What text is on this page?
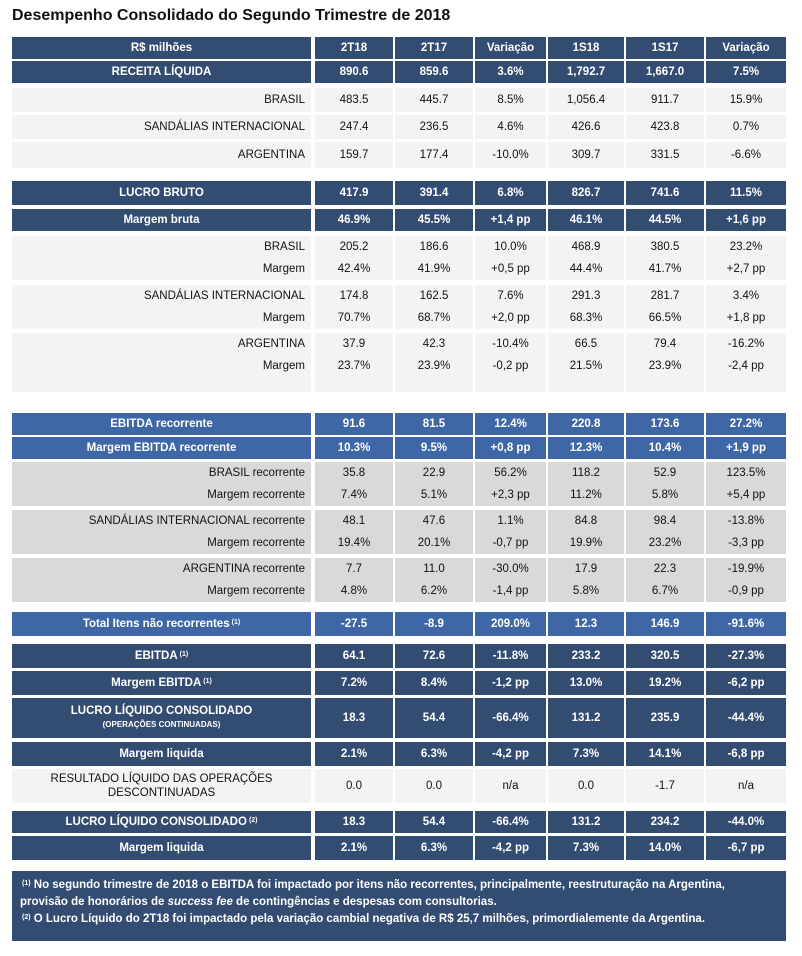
Desempenho Consolidado do Segundo Trimestre de 2018
R$ milhões	2T18	2T17	Variação	1S18	1S17	Variação
RECEITA LÍQUIDA	890.6	859.6	3.6%	1,792.7	1,667.0	7.5%
BRASIL	483.5	445.7	8.5%	1,056.4	911.7	15.9%
SANDÁLIAS INTERNACIONAL	247.4	236.5	4.6%	426.6	423.8	0.7%
ARGENTINA	159.7	177.4	-10.0%	309.7	331.5	-6.6%
LUCRO BRUTO	417.9	391.4	6.8%	826.7	741.6	11.5%
Margem bruta	46.9%	45.5%	+1,4 pp	46.1%	44.5%	+1,6 pp
BRASIL	205.2	186.6	10.0%	468.9	380.5	23.2%
Margem	42.4%	41.9%	+0,5 pp	44.4%	41.7%	+2,7 pp
SANDÁLIAS INTERNACIONAL	174.8	162.5	7.6%	291.3	281.7	3.4%
Margem	70.7%	68.7%	+2,0 pp	68.3%	66.5%	+1,8 pp
ARGENTINA	37.9	42.3	-10.4%	66.5	79.4	-16.2%
Margem	23.7%	23.9%	-0,2 pp	21.5%	23.9%	-2,4 pp
EBITDA recorrente	91.6	81.5	12.4%	220.8	173.6	27.2%
Margem EBITDA recorrente	10.3%	9.5%	+0,8 pp	12.3%	10.4%	+1,9 pp
BRASIL recorrente	35.8	22.9	56.2%	118.2	52.9	123.5%
Margem recorrente	7.4%	5.1%	+2,3 pp	11.2%	5.8%	+5,4 pp
SANDÁLIAS INTERNACIONAL recorrente	48.1	47.6	1.1%	84.8	98.4	-13.8%
Margem recorrente	19.4%	20.1%	-0,7 pp	19.9%	23.2%	-3,3 pp
ARGENTINA recorrente	7.7	11.0	-30.0%	17.9	22.3	-19.9%
Margem recorrente	4.8%	6.2%	-1,4 pp	5.8%	6.7%	-0,9 pp
Total Itens não recorrentes $^{(1)}$	-27.5	-8.9	209.0%	12.3	146.9	-91.6%
EBITDA $^{(1)}$	64.1	72.6	-11.8%	233.2	320.5	-27.3%
Margem EBITDA $^{(1)}$	7.2%	8.4%	-1,2 pp	13.0%	19.2%	-6,2 pp
LUCRO LÍQUIDO CONSOLIDADO
(OPERAÇÕES CONTINUADAS)
18.3	54.4	-66.4%	131.2	235.9	-44.4%
Margem liquida	2.1%	6.3%	-4,2 pp	7.3%	14.1%	-6,8 pp
RESULTADO LÍQUIDO DAS OPERAÇÕES
DESCONTINUADAS
0.0	0.0	n/a	0.0	-1.7	n/a
LUCRO LÍQUIDO CONSOLIDADO $^{(2)}$	18.3	54.4	-66.4%	131.2	234.2	-44.0%
Margem liquida	2.1%	6.3%	-4,2 pp	7.3%	14.0%	-6,7 pp
$^{(1)}$ No segundo trimestre de 2018 o EBITDA foi impactado por itens não recorrentes, principalmente, reestruturação na Argentina,
provisão de honorários de success fee de contingências e despesas com consultorias.
$^{(2)}$ O Lucro Líquido do 2T18 foi impactado pela variação cambial negativa de R$ 25,7 milhões, primordialemente da Argentina.
